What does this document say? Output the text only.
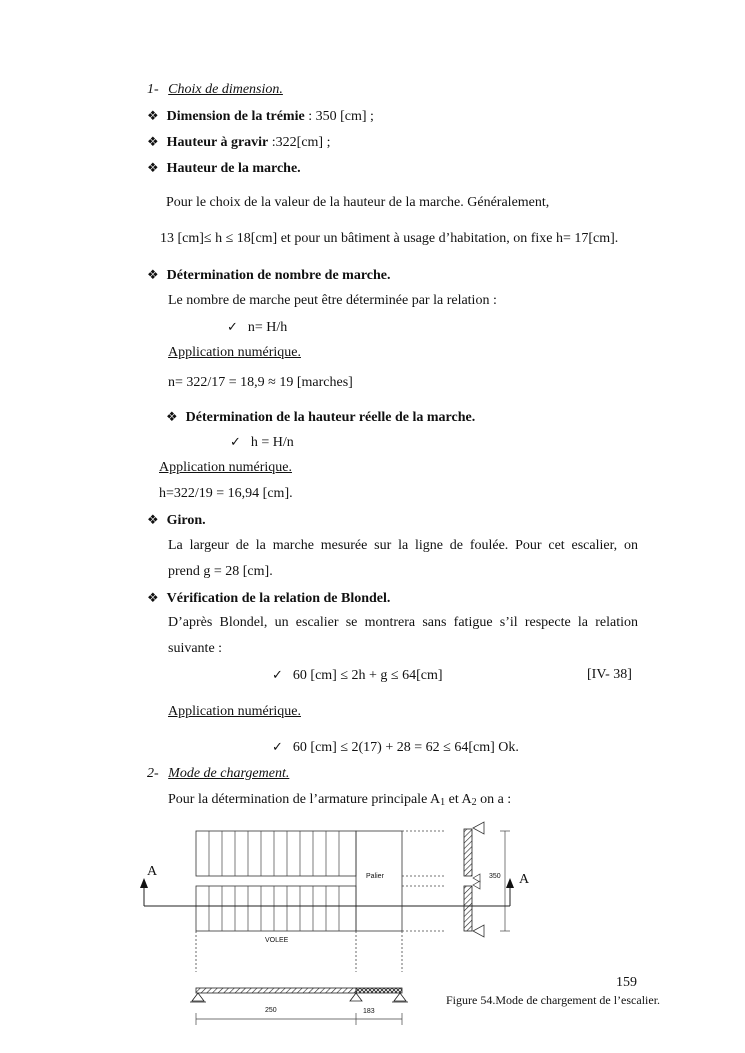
1- Choix de dimension.
❖ Dimension de la trémie : 350 [cm] ;
❖ Hauteur à gravir :322[cm] ;
❖ Hauteur de la marche.
Pour le choix de la valeur de la hauteur de la marche. Généralement,
13 [cm]≤ h ≤ 18[cm] et pour un bâtiment à usage d’habitation, on fixe h= 17[cm].
❖ Détermination de nombre de marche.
Le nombre de marche peut être déterminée par la relation :
✓ n= H/h
Application numérique.
n= 322/17 = 18,9 ≈ 19 [marches]
❖ Détermination de la hauteur réelle de la marche.
✓ h = H/n
Application numérique.
h=322/19 = 16,94 [cm].
❖ Giron.
La largeur de la marche mesurée sur la ligne de foulée. Pour cet escalier, on
prend g = 28 [cm].
❖ Vérification de la relation de Blondel.
D’après Blondel, un escalier se montrera sans fatigue s’il respecte la relation
suivante :
✓ 60 [cm] ≤ 2h + g ≤ 64[cm]	[IV- 38]
Application numérique.
✓ 60 [cm] ≤ 2(17) + 28 = 62 ≤ 64[cm] Ok.
2- Mode de chargement.
Pour la détermination de l’armature principale $A_1$ et $A_2$ on a :
A
A
Palier
VOLEE
350
250	183
159
Figure 54.Mode de chargement de l’escalier.
